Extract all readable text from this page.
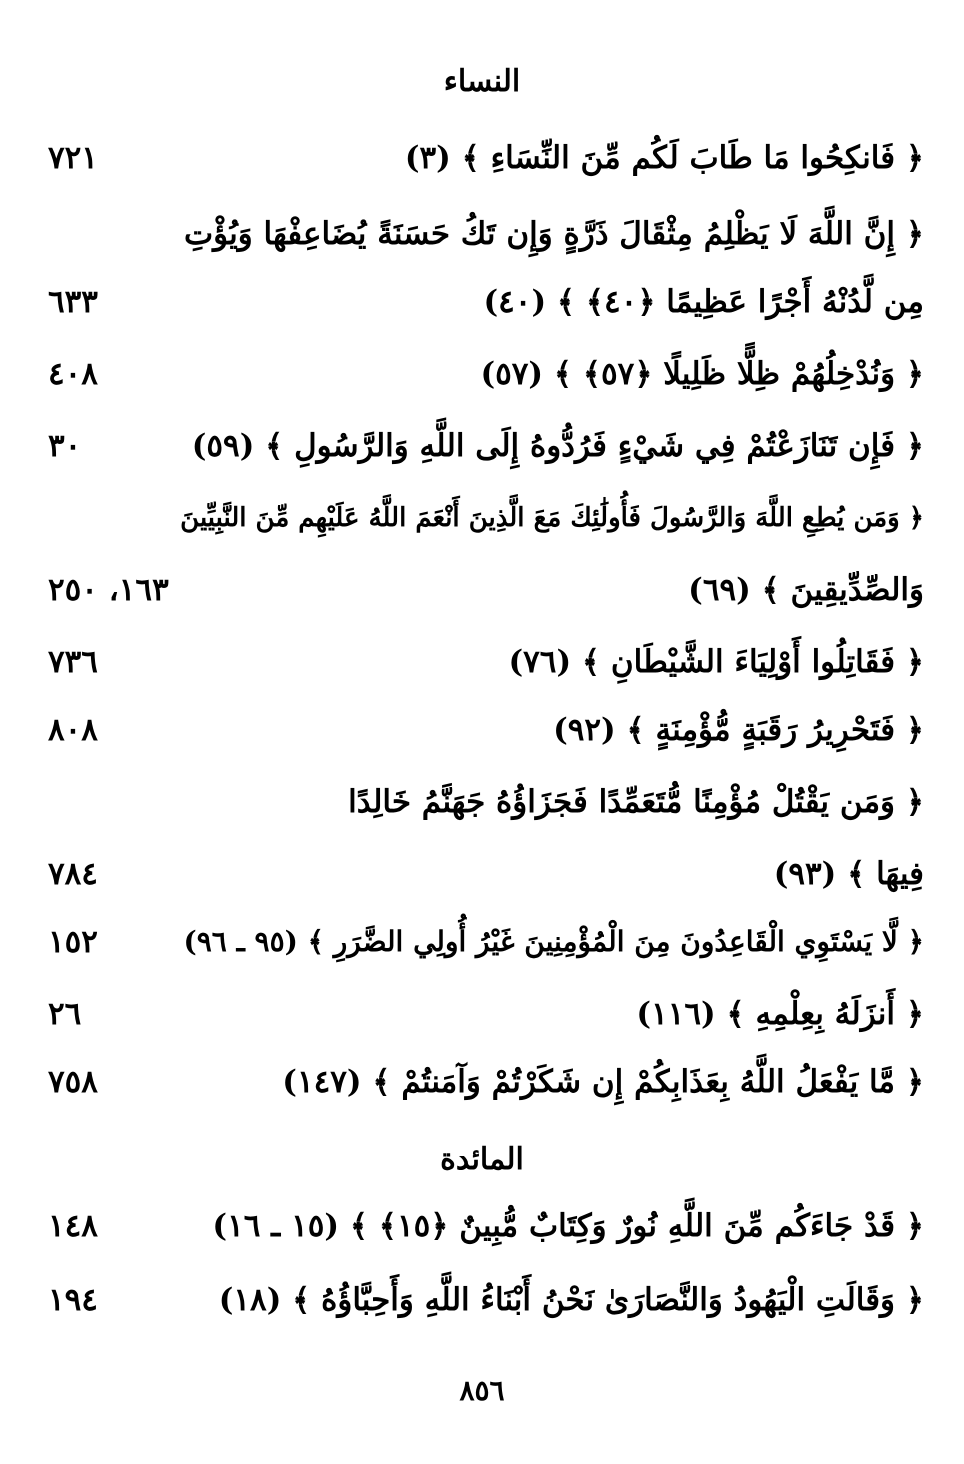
النساء
﴿ فَانكِحُوا مَا طَابَ لَكُم مِّنَ النِّسَاءِ ﴾ (٣)
٧٢١
﴿ إِنَّ اللَّهَ لَا يَظْلِمُ مِثْقَالَ ذَرَّةٍ وَإِن تَكُ حَسَنَةً يُضَاعِفْهَا وَيُؤْتِ
مِن لَّدُنْهُ أَجْرًا عَظِيمًا ﴿٤٠﴾ ﴾ (٤٠)
٦٣٣
﴿ وَنُدْخِلُهُمْ ظِلًّا ظَلِيلًا ﴿٥٧﴾ ﴾ (٥٧)
٤٠٨
﴿ فَإِن تَنَازَعْتُمْ فِي شَيْءٍ فَرُدُّوهُ إِلَى اللَّهِ وَالرَّسُولِ ﴾ (٥٩)
٣٠
﴿ وَمَن يُطِعِ اللَّهَ وَالرَّسُولَ فَأُولَٰئِكَ مَعَ الَّذِينَ أَنْعَمَ اللَّهُ عَلَيْهِم مِّنَ النَّبِيِّينَ
وَالصِّدِّيقِينَ ﴾ (٦٩)
١٦٣، ٢٥٠
﴿ فَقَاتِلُوا أَوْلِيَاءَ الشَّيْطَانِ ﴾ (٧٦)
٧٣٦
﴿ فَتَحْرِيرُ رَقَبَةٍ مُّؤْمِنَةٍ ﴾ (٩٢)
٨٠٨
﴿ وَمَن يَقْتُلْ مُؤْمِنًا مُّتَعَمِّدًا فَجَزَاؤُهُ جَهَنَّمُ خَالِدًا
فِيهَا ﴾ (٩٣)
٧٨٤
﴿ لَّا يَسْتَوِي الْقَاعِدُونَ مِنَ الْمُؤْمِنِينَ غَيْرُ أُولِي الضَّرَرِ ﴾ (٩٥ ـ ٩٦)
١٥٢
﴿ أَنزَلَهُ بِعِلْمِهِ ﴾ (١١٦)
٢٦
﴿ مَّا يَفْعَلُ اللَّهُ بِعَذَابِكُمْ إِن شَكَرْتُمْ وَآمَنتُمْ ﴾ (١٤٧)
٧٥٨
المائدة
﴿ قَدْ جَاءَكُم مِّنَ اللَّهِ نُورٌ وَكِتَابٌ مُّبِينٌ ﴿١٥﴾ ﴾ (١٥ ـ ١٦)
١٤٨
﴿ وَقَالَتِ الْيَهُودُ وَالنَّصَارَىٰ نَحْنُ أَبْنَاءُ اللَّهِ وَأَحِبَّاؤُهُ ﴾ (١٨)
١٩٤
٨٥٦
